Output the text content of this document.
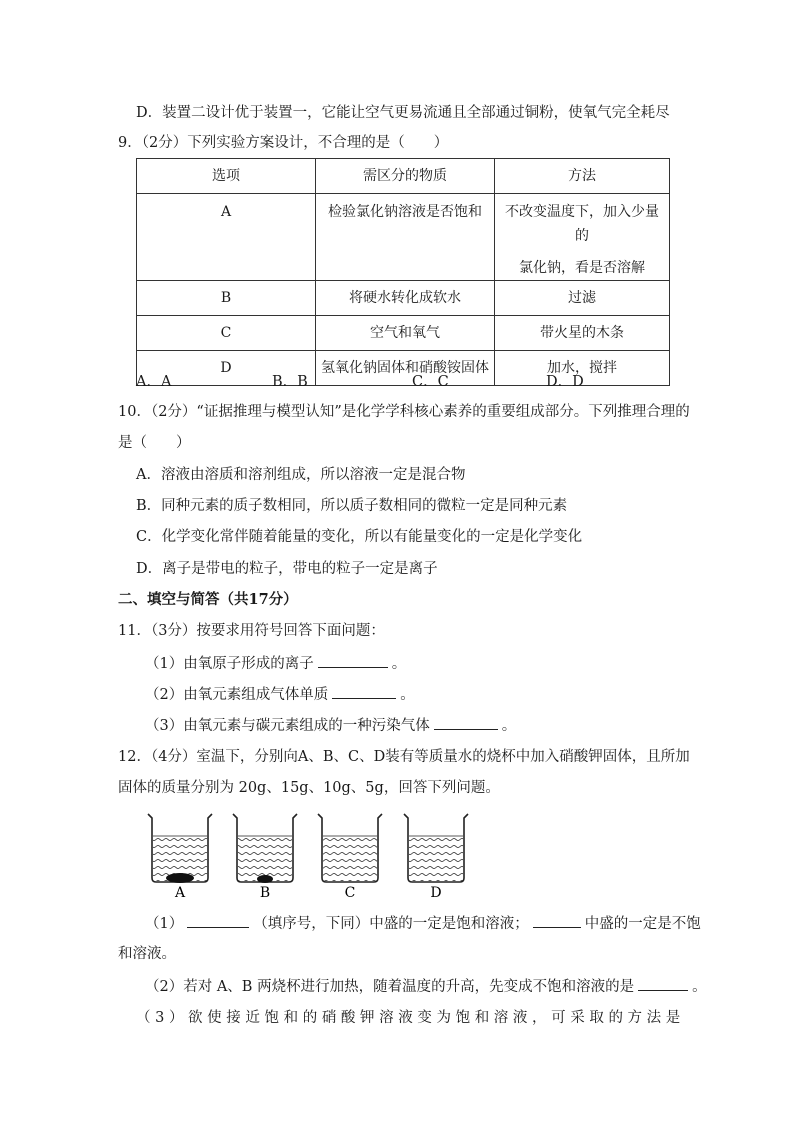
D．装置二设计优于装置一，它能让空气更易流通且全部通过铜粉，使氧气完全耗尽
9．（2分）下列实验方案设计，不合理的是（　　）
选项	需区分的物质	方法
A	检验氯化钠溶液是否饱和	不改变温度下，加入少量的
氯化钠，看是否溶解

B	将硬水转化成软水	过滤
C	空气和氧气	带火星的木条
D	氢氧化钠固体和硝酸铵固体	加水，搅拌
A．A	B．B	C．C	D．D
10．（2分）“证据推理与模型认知”是化学学科核心素养的重要组成部分。下列推理合理的
是（　　）
A．溶液由溶质和溶剂组成，所以溶液一定是混合物
B．同种元素的质子数相同，所以质子数相同的微粒一定是同种元素
C．化学变化常伴随着能量的变化，所以有能量变化的一定是化学变化
D．离子是带电的粒子，带电的粒子一定是离子
二、填空与简答（共17分）
11．（3分）按要求用符号回答下面问题：
（1）由氧原子形成的离子	。
（2）由氧元素组成气体单质	。
（3）由氧元素与碳元素组成的一种污染气体	。
12．（4分）室温下，分别向A、B、C、D装有等质量水的烧杯中加入硝酸钾固体，且所加
固体的质量分别为 20g、15g、10g、5g，回答下列问题。
A	B	C	D
（1）	（填序号，下同）中盛的一定是饱和溶液；	中盛的一定是不饱
和溶液。
（2）若对 A、B 两烧杯进行加热，随着温度的升高，先变成不饱和溶液的是	。
（ 3 ） 欲 使 接 近 饱 和 的 硝 酸 钾 溶 液 变 为 饱 和 溶 液 ， 可 采 取 的 方 法 是
